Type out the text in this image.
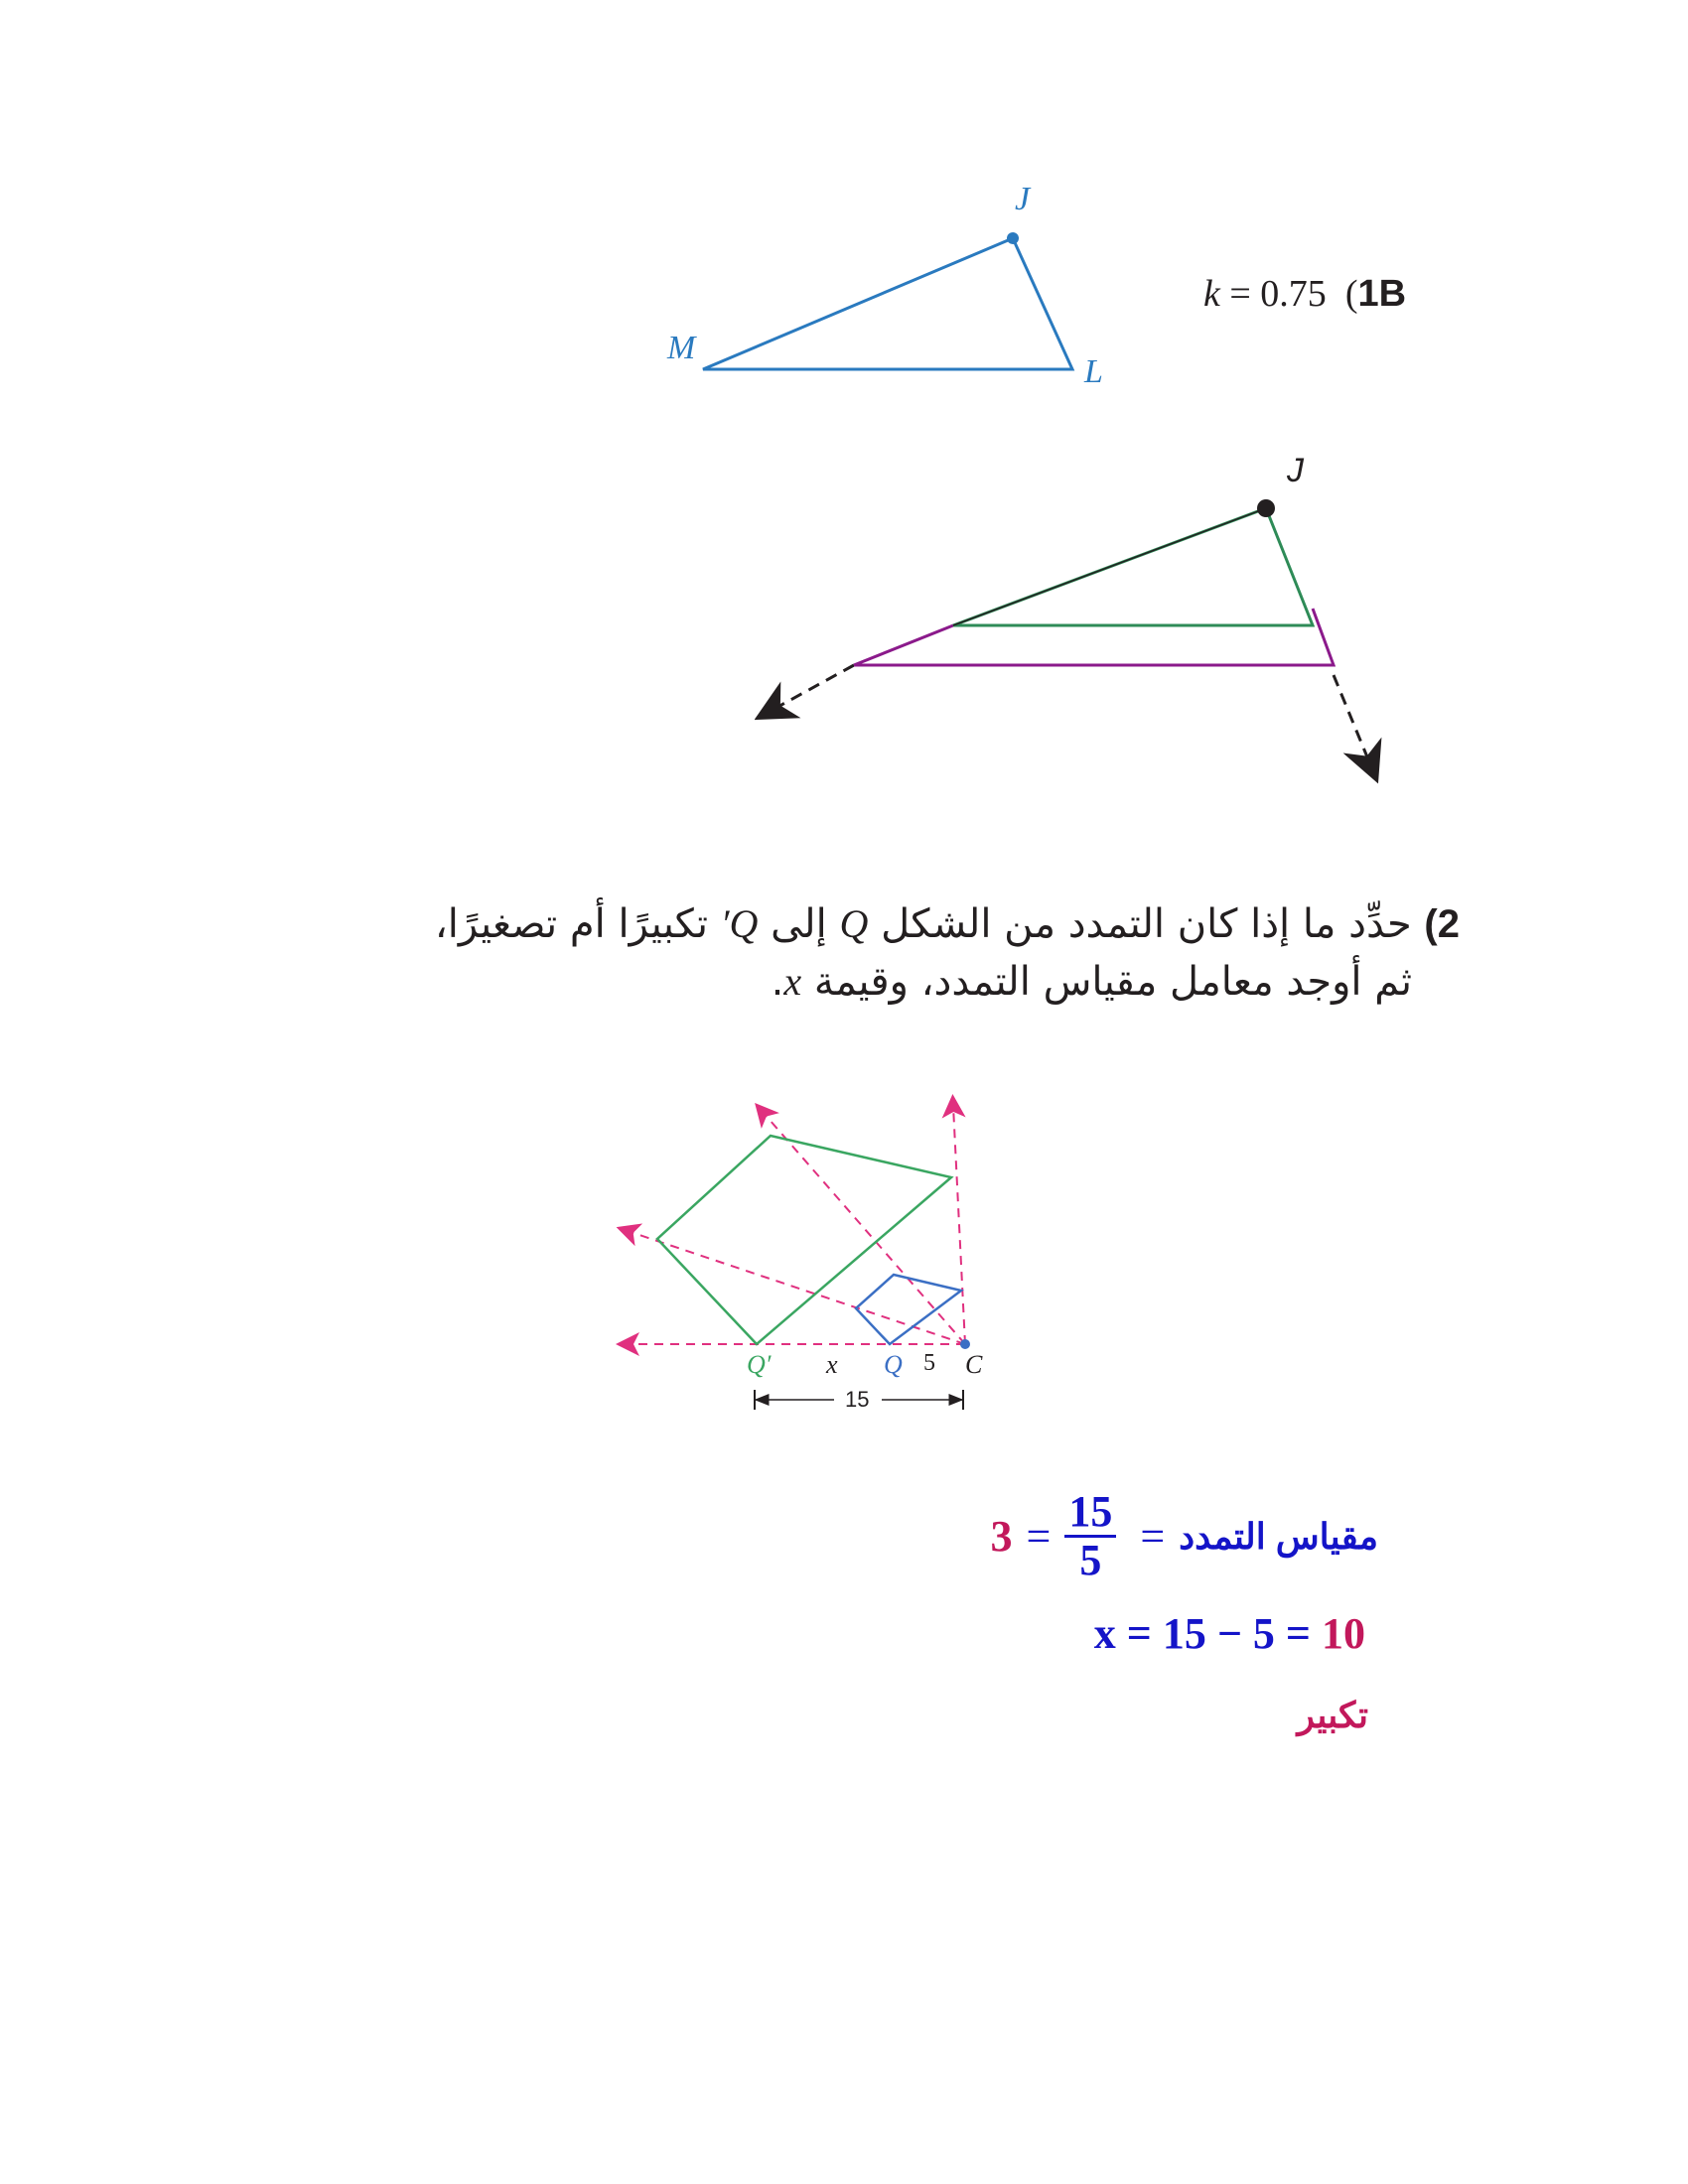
J
M
L
k = 0.75  (1B
J
2) حدِّد ما إذا كان التمدد من الشكل Q إلى Q′ تكبيرًا أم تصغيرًا،
ثم أوجد معامل مقياس التمدد، وقيمة x.
Q′ x Q 5 C
15
$3 = \frac{15}{5}$ = مقياس التمدد
x = 15 − 5 = 10
تكبير
